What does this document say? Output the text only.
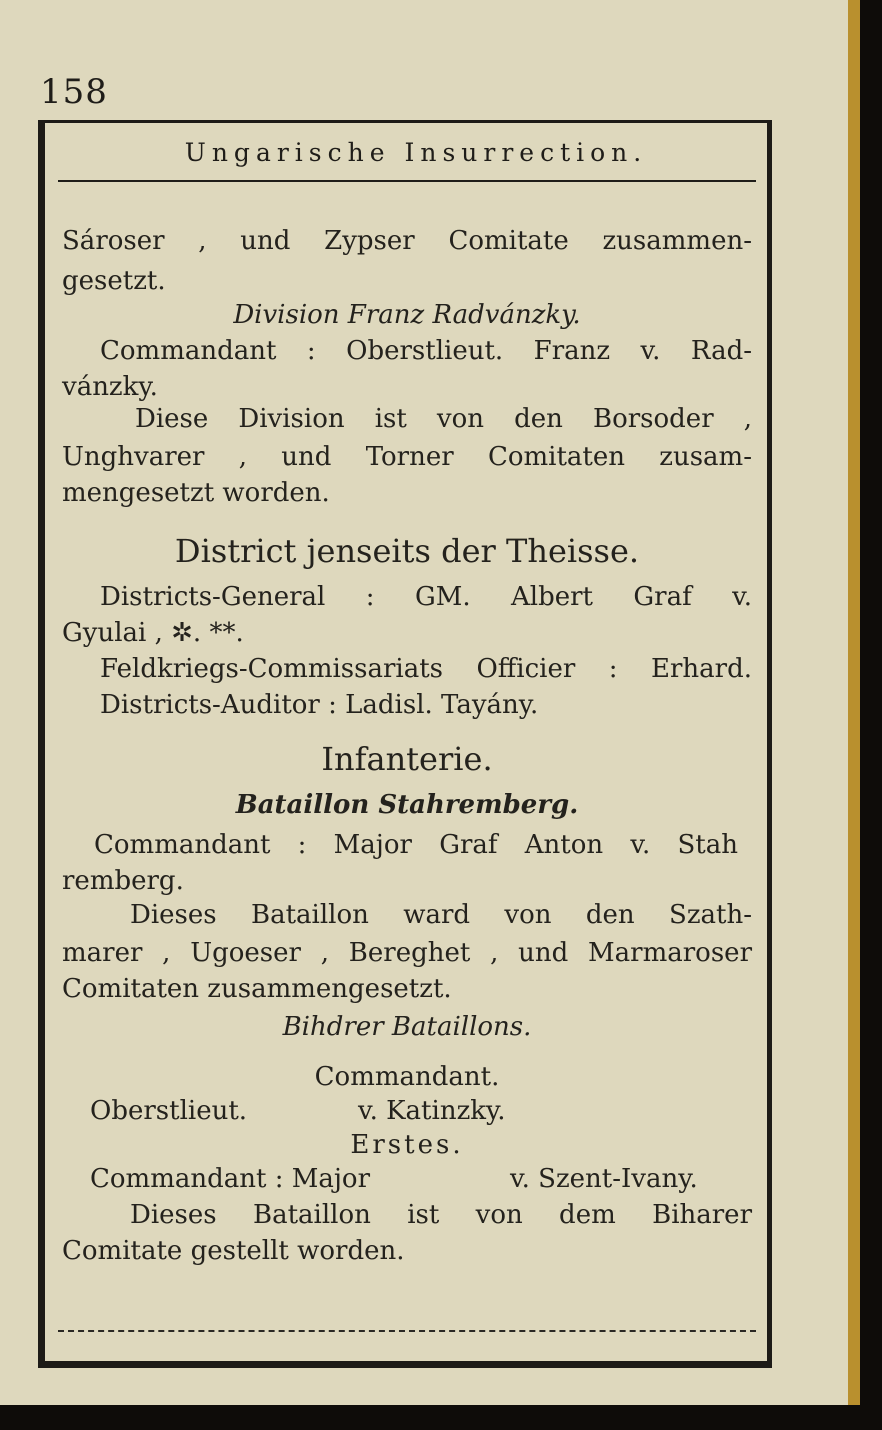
158
Ungarische Insurrection.
Sároser , und Zypser Comitate zusammen-
gesetzt.
Division Franz Radvánzky.
Commandant : Oberstlieut. Franz v. Rad-
vánzky.
Diese Division ist von den Borsoder ,
Unghvarer , und Torner Comitaten zusam-
mengesetzt worden.
District jenseits der Theisse.
Districts-General : GM. Albert Graf v.
Gyulai , ✲. **.
Feldkriegs-Commissariats Officier : Erhard.
Districts-Auditor : Ladisl. Tayány.
Infanterie.
Bataillon Stahremberg.
Commandant : Major Graf Anton v. Stah
remberg.
Dieses Bataillon ward von den Szath-
marer , Ugoeser , Bereghet , und Marmaroser
Comitaten zusammengesetzt.
Bihdrer Bataillons.
Commandant.
Oberstlieut.	v. Katinzky.
Erstes.
Commandant : Major	v. Szent-Ivany.
Dieses Bataillon ist von dem Biharer
Comitate gestellt worden.
